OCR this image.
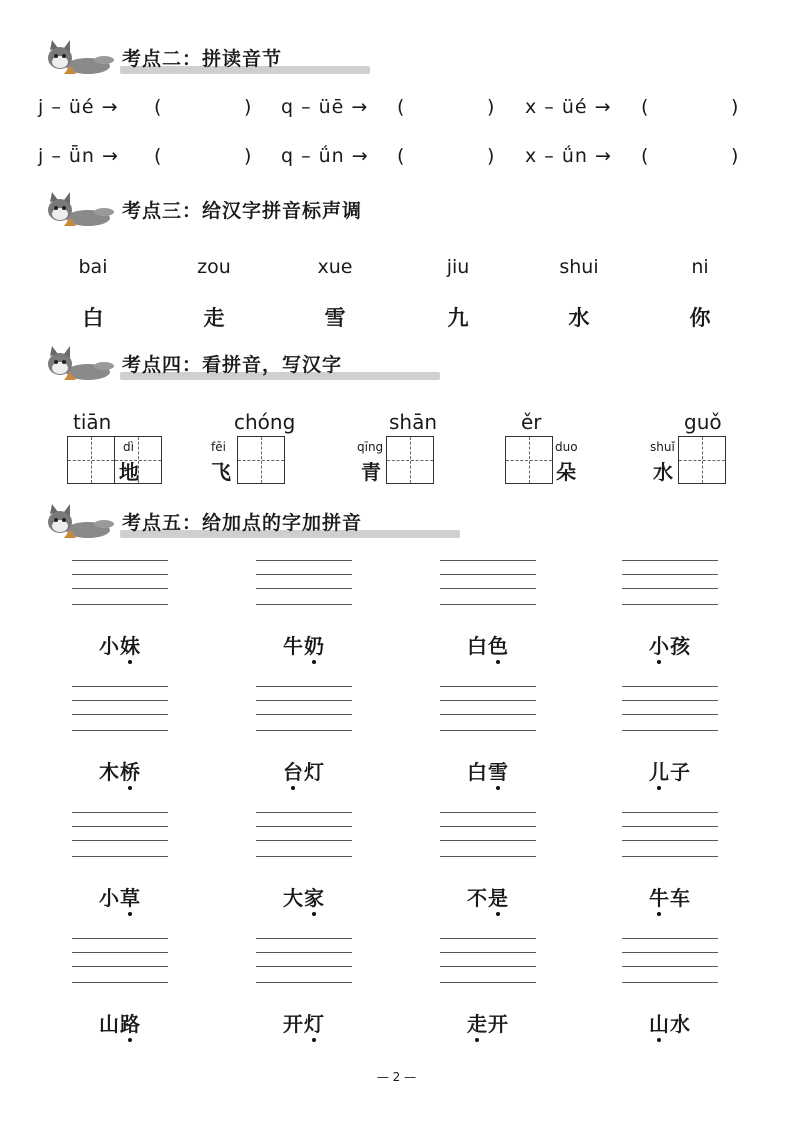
考点二：拼读音节
j – üé → (	) q – üē → (	) x – üé → (	)
j – ǖn → (	) q – ǘn → (	) x – ǘn → (	)
考点三：给汉字拼音标声调
bai	zou	xue	jiu	shui	ni
白	走	雪	九	水	你
考点四：看拼音，写汉字
tiān
dì
地
chóng
fēi
飞
shān
qīng
青
ěr
duo
朵
guǒ
shuǐ
水
考点五：给加点的字加拼音
小妹	牛奶	白色	小孩
木桥	台灯	白雪	儿子
小草	大家	不是	牛车
山路	开灯	走开	山水
— 2 —
